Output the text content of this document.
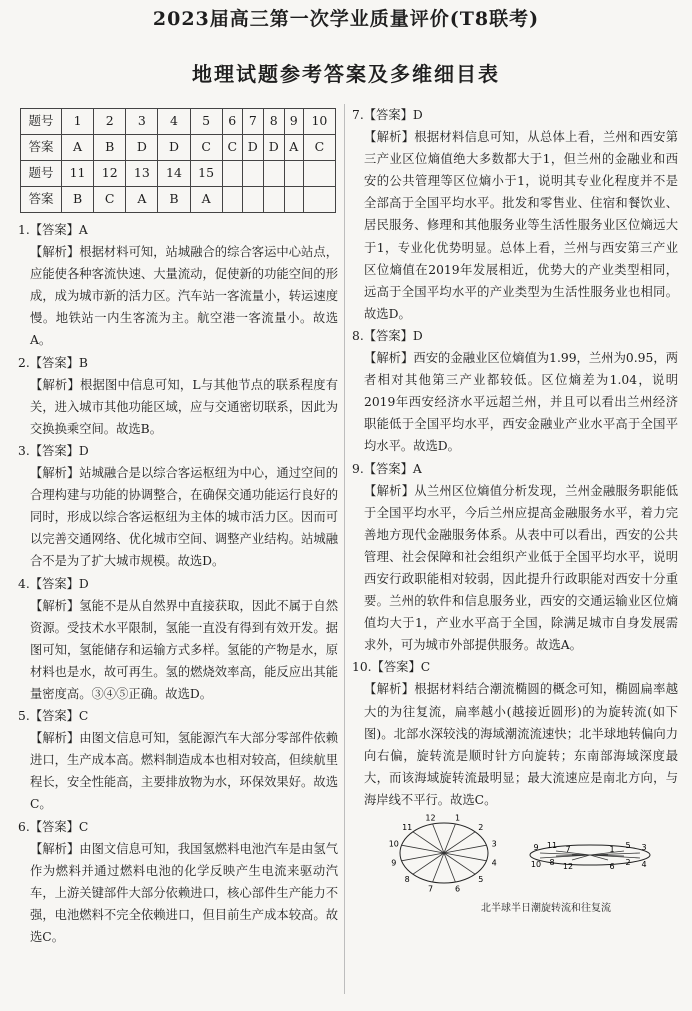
2023届高三第一次学业质量评价(T8联考)
地理试题参考答案及多维细目表
题号	1	2	3	4	5	6	7	8	9	10
答案	A	B	D	D	C	C	D	D	A	C
题号	11	12	13	14	15					
答案	B	C	A	B	A					

1.【答案】A

【解析】根据材料可知，站城融合的综合客运中心站点，应能使各种客流快速、大量流动，促使新的功能空间的形成，成为城市新的活力区。汽车站一客流量小，转运速度慢。地铁站一内生客流为主。航空港一客流量小。故选A。

2.【答案】B

【解析】根据图中信息可知，L与其他节点的联系程度有关，进入城市其他功能区域，应与交通密切联系，因此为交换换乘空间。故选B。

3.【答案】D

【解析】站城融合是以综合客运枢纽为中心，通过空间的合理构建与功能的协调整合，在确保交通功能运行良好的同时，形成以综合客运枢纽为主体的城市活力区。因而可以完善交通网络、优化城市空间、调整产业结构。站城融合不是为了扩大城市规模。故选D。

4.【答案】D

【解析】氢能不是从自然界中直接获取，因此不属于自然资源。受技术水平限制，氢能一直没有得到有效开发。据图可知，氢能储存和运输方式多样。氢能的产物是水，原材料也是水，故可再生。氢的燃烧效率高，能反应出其能量密度高。③④⑤正确。故选D。

5.【答案】C

【解析】由图文信息可知，氢能源汽车大部分零部件依赖进口，生产成本高。燃料制造成本也相对较高，但续航里程长，安全性能高，主要排放物为水，环保效果好。故选C。

6.【答案】C

【解析】由图文信息可知，我国氢燃料电池汽车是由氢气作为燃料并通过燃料电池的化学反映产生电流来驱动汽车，上游关键部件大部分依赖进口，核心部件生产能力不强，电池燃料不完全依赖进口，但目前生产成本较高。故选C。

7.【答案】D

【解析】根据材料信息可知，从总体上看，兰州和西安第三产业区位熵值绝大多数都大于1，但兰州的金融业和西安的公共管理等区位熵小于1，说明其专业化程度并不是全部高于全国平均水平。批发和零售业、住宿和餐饮业、居民服务、修理和其他服务业等生活性服务业区位熵远大于1，专业化优势明显。总体上看，兰州与西安第三产业区位熵值在2019年发展相近，优势大的产业类型相同，远高于全国平均水平的产业类型为生活性服务业也相同。故选D。

8.【答案】D

【解析】西安的金融业区位熵值为1.99，兰州为0.95，两者相对其他第三产业都较低。区位熵差为1.04，说明2019年西安经济水平远超兰州，并且可以看出兰州经济职能低于全国平均水平，西安金融业产业水平高于全国平均水平。故选D。

9.【答案】A

【解析】从兰州区位熵值分析发现，兰州金融服务职能低于全国平均水平，今后兰州应提高金融服务水平，着力完善地方现代金融服务体系。从表中可以看出，西安的公共管理、社会保障和社会组织产业低于全国平均水平，说明西安行政职能相对较弱，因此提升行政职能对西安十分重要。兰州的软件和信息服务业，西安的交通运输业区位熵值均大于1，产业水平高于全国，除满足城市自身发展需求外，可为城市外部提供服务。故选A。

10.【答案】C

【解析】根据材料结合潮流椭圆的概念可知，椭圆扁率越大的为往复流，扁率越小(越接近圆形)的为旋转流(如下图)。北部水深较浅的海域潮流流速快；北半球地转偏向力向右偏，旋转流是顺时针方向旋转；东南部海域深度最大，而该海域旋转流最明显；最大流速应是南北方向，与海岸线不平行。故选C。

1
2
3
4
5
6
7
8
9
10
11
12
1
2
3
4
5
6
7
8
9
10
11
12
北半球半日潮旋转流和往复流
